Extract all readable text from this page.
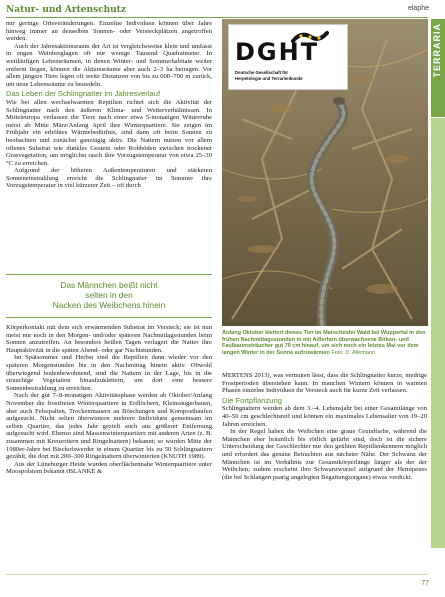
Natur- und Artenschutz	elaphe
TERRARIA

nur geringe Ortsveränderungen. Einzelne Individuen können über Jahre hinweg immer an denselben Sonnen- oder Versteckplätzen angetroffen werden.

Auch der Jahresaktionsraum der Art ist vergleichsweise klein und umfasst in engen Weinberglagen oft nur wenige Tausend Quadratmeter. In weitläufigen Lebensräumen, in denen Winter- und Sommerhabitate weiter entfernt liegen, können die Aktionsräume aber auch 2–3 ha betragen. Vor allem jüngere Tiere legen oft weite Distanzen von bis zu 600–700 m zurück, um neue Lebensräume zu besiedeln.

Das Leben der Schlingnatter im Jahresverlauf

Wie bei allen wechselwarmen Reptilien richtet sich die Aktivität der Schlingnatter nach den äußeren Klima- und Wetterverhältnissen. In Mitteleuropa verlassen die Tiere nach einer etwa 5-monatigen Winterruhe meist ab Mitte März/Anfang April ihre Winterquartiere. Sie zeigen im Frühjahr ein erhöhtes Wärmebedürfnis, sind dann oft beim Sonnen zu beobachten und zunächst ganztägig aktiv. Die Nattern nutzen vor allem offenes Substrat wie dunkles Gestein oder Rohböden zwischen trockener Grasvegetation, um möglichst rasch ihre Vorzugstemperatur von etwa 25–30 °C zu erreichen.

Aufgrund der höheren Außentemperaturen und stärkeren Sonneneinstrahlung erreicht die Schlingnatter im Sommer ihre Vorzugstemperatur in viel kürzerer Zeit – oft durch

Das Männchen beißt nicht
selten in den
Nacken des Weibchens hinein

Körperkontakt mit dem sich erwärmenden Substrat im Versteck; sie ist nun meist nur noch in den Morgen- und/oder späteren Nachmittagsstunden beim Sonnen anzutreffen. An besonders heißen Tagen verlagert die Natter ihre Hauptaktivität in die späten Abend- oder gar Nachtstunden.

Im Spätsommer und Herbst sind die Reptilien dann wieder vor den späteren Morgenstunden bis in den Nachmittag hinein aktiv. Obwohl überwiegend bodenbewohnend, sind die Nattern in der Lage, bis in die strauchige Vegetation hinaufzuklettern, um dort eine bessere Sonnenbestrahlung zu erreichen.

Nach der gut 7–8-monatigen Aktivitätsphase werden ab Oktober/Anfang November die frostfreien Winterquartiere in Erdlöchern, Kleinsäugerbauen, aber auch Felsspalten, Trockenmauern an Böschungen und Komposthaufen aufgesucht. Nicht selten überwintern mehrere Individuen gemeinsam im selben Quartier, das jedes Jahr gezielt auch aus größerer Entfernung aufgesucht wird. Ebenso sind Massenwinterquartiere mit anderen Arten (z. B. zusammen mit Kreuzottern und Ringelnattern) bekannt; so wurden Mitte der 1980er-Jahre bei Bischofswerder in einem Quartier bis zu 50 Schlingnattern gezählt, die dort mit 200–300 Ringelnattern überwinterten (KNUTH 1989).

Aus der Lüneburger Heide wurden oberflächennahe Winterquartiere unter Moospolstern bekannt (BLANKE &

DGHT
Deutsche Gesellschaft für
Herpetologie und Terrarienkunde
Anfang Oktober klettert dieses Tier im Marscheider Wald bei Wuppertal in den frühen Nachmittagsstunden in mit Adlerfarn überwachsene Birken- und Faulbaumsträucher gut 70 cm hinauf, um sich noch ein letztes Mal vor dem langen Winter in der Sonne aufzuwärmen Foto: D. Allemann

MERTENS 2013), was vermuten lässt, dass die Schlingnatter kurze, niedrige Frostperioden überstehen kann. In manchen Wintern können in warmen Phasen einzelne Individuen ihr Versteck auch für kurze Zeit verlassen.

Die Fortpflanzung

Schlingnattern werden ab dem 3.–4. Lebensjahr bei einer Gesamtlänge von 40–50 cm geschlechtsreif und können ein maximales Lebensalter von 19–20 Jahren erreichen.

In der Regel haben die Weibchen eine graue Grundfarbe, während die Männchen eher bräunlich bis rötlich gefärbt sind, doch ist die sichere Unterscheidung der Geschlechter nur den geübten Reptilienkennern möglich und erfordert das genaue Betrachten aus nächster Nähe. Der Schwanz der Männchen ist im Verhältnis zur Gesamtkörperlänge länger als der der Weibchen; zudem erscheint ihre Schwanzwurzel aufgrund der Hemipenes (die bei Schlangen paarig angelegten Begattungsorgane) etwas verdickt.

77
